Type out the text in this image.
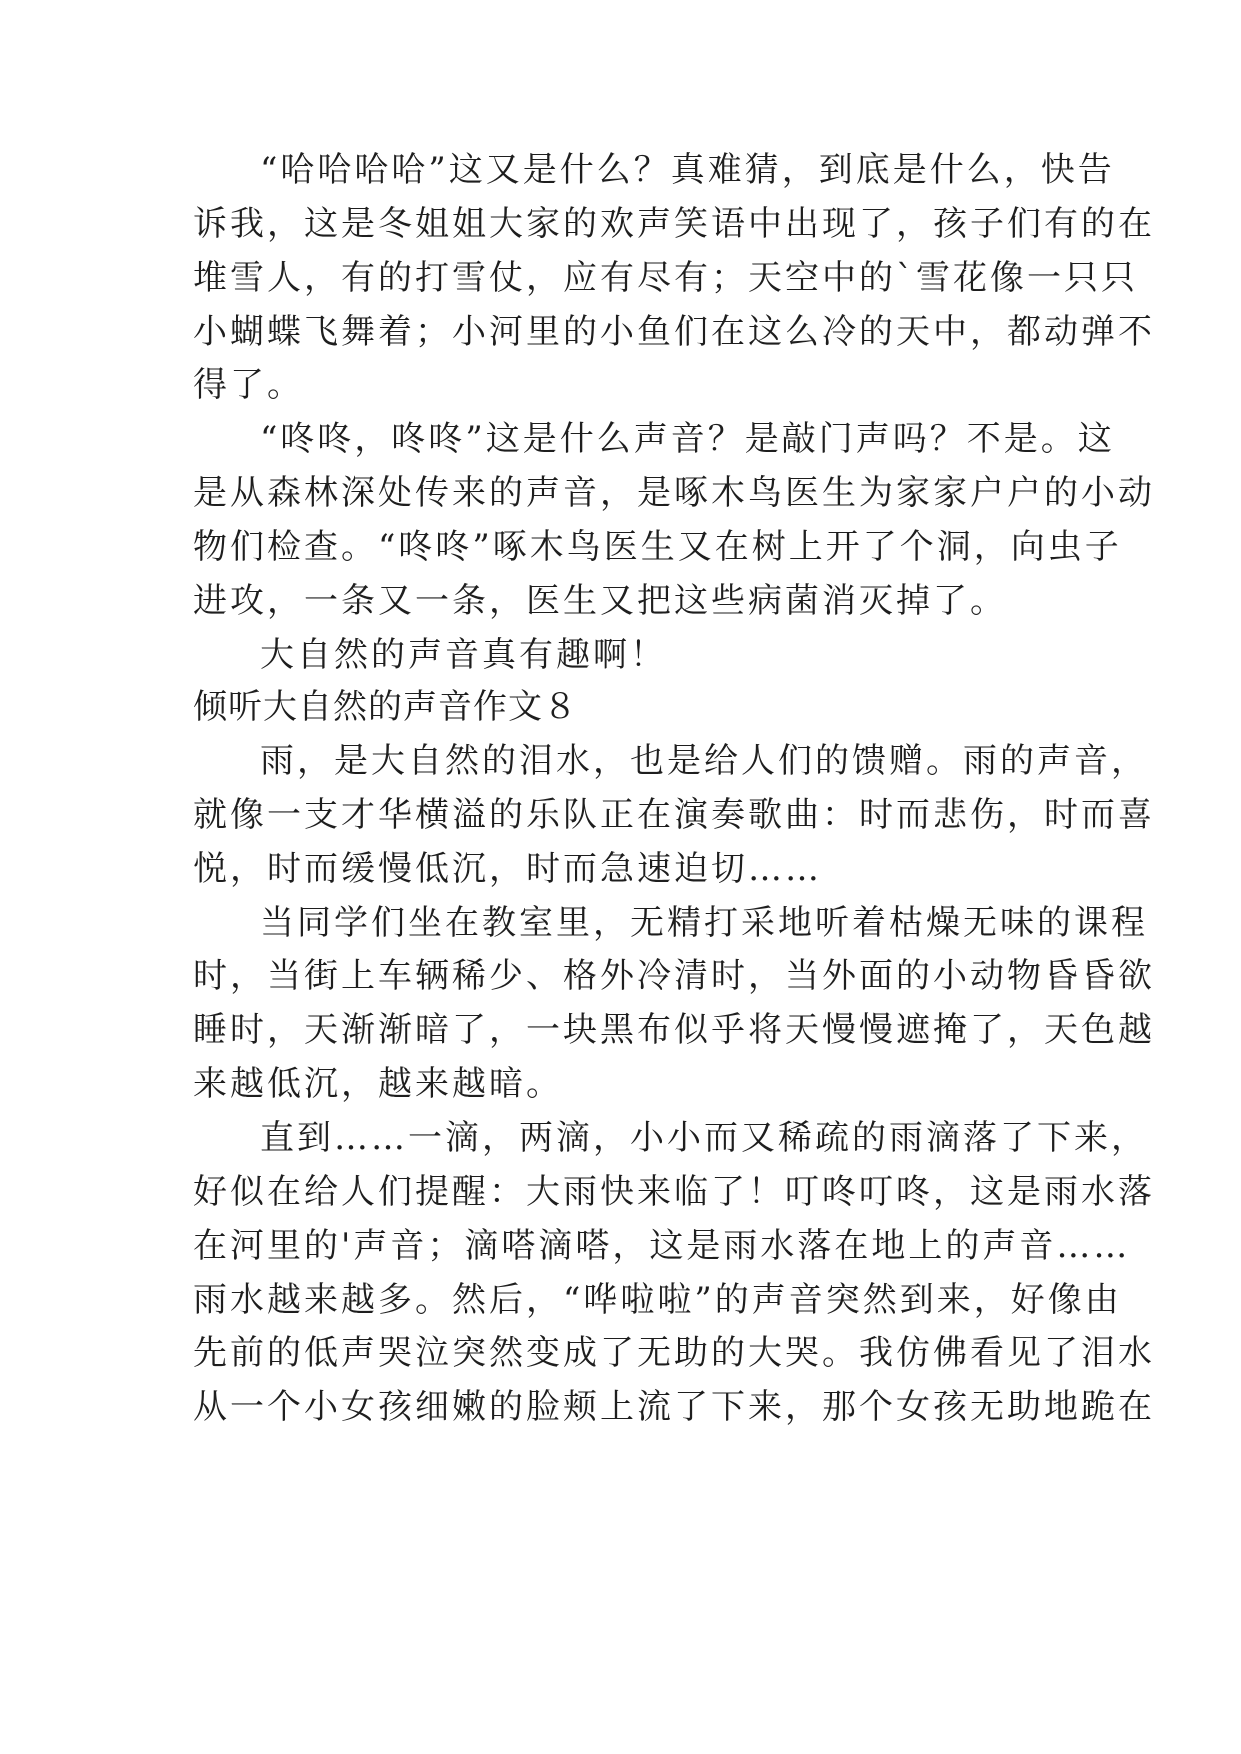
“哈哈哈哈”这又是什么？真难猜，到底是什么，快告
诉我，这是冬姐姐大家的欢声笑语中出现了，孩子们有的在
堆雪人，有的打雪仗，应有尽有；天空中的`雪花像一只只
小蝴蝶飞舞着；小河里的小鱼们在这么冷的天中，都动弹不
得了。
“咚咚，咚咚”这是什么声音？是敲门声吗？不是。这
是从森林深处传来的声音，是啄木鸟医生为家家户户的小动
物们检查。“咚咚”啄木鸟医生又在树上开了个洞，向虫子
进攻，一条又一条，医生又把这些病菌消灭掉了。
大自然的声音真有趣啊！
倾听大自然的声音作文８
雨，是大自然的泪水，也是给人们的馈赠。雨的声音，
就像一支才华横溢的乐队正在演奏歌曲：时而悲伤，时而喜
悦，时而缓慢低沉，时而急速迫切……
当同学们坐在教室里，无精打采地听着枯燥无味的课程
时，当街上车辆稀少、格外冷清时，当外面的小动物昏昏欲
睡时，天渐渐暗了，一块黑布似乎将天慢慢遮掩了，天色越
来越低沉，越来越暗。
直到……一滴，两滴，小小而又稀疏的雨滴落了下来，
好似在给人们提醒：大雨快来临了！叮咚叮咚，这是雨水落
在河里的'声音；滴嗒滴嗒，这是雨水落在地上的声音……
雨水越来越多。然后，“哗啦啦”的声音突然到来，好像由
先前的低声哭泣突然变成了无助的大哭。我仿佛看见了泪水
从一个小女孩细嫩的脸颊上流了下来，那个女孩无助地跪在
